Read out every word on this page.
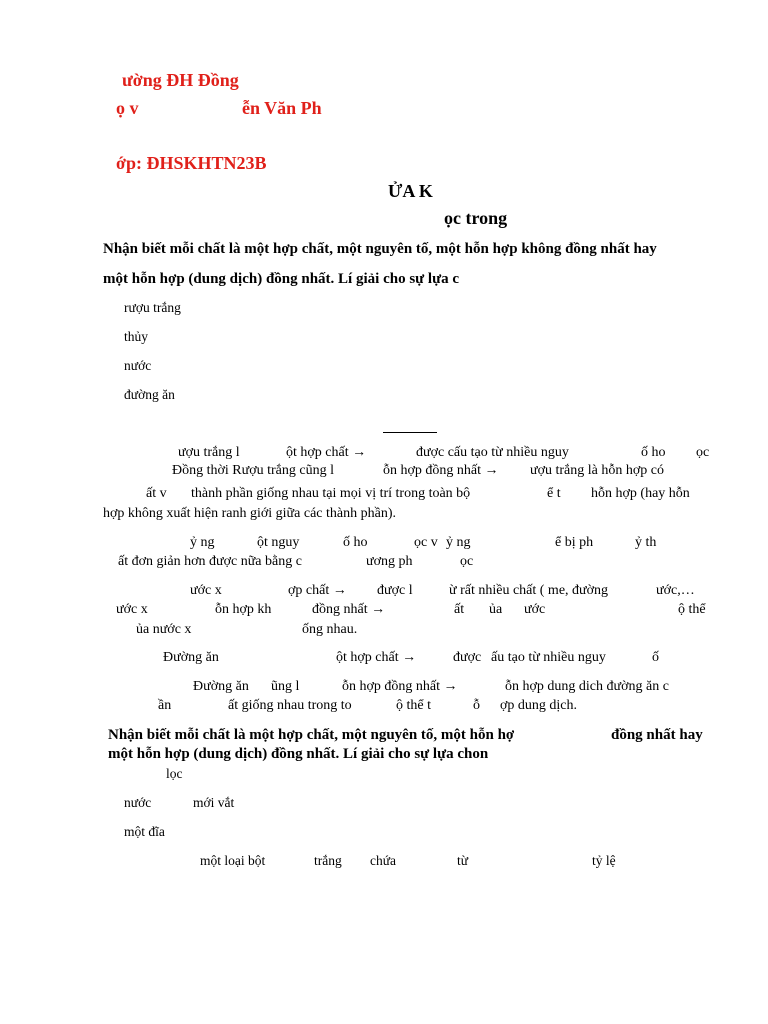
ường ĐH Đồng
ọ v	ễn Văn Ph
ớp: ĐHSKHTN23B
ỬA K
ọc trong
Nhận biết mỗi chất là một hợp chất, một nguyên tố, một hỗn hợp không đồng nhất hay
một hỗn hợp (dung dịch) đồng nhất. Lí giải cho sự lựa c
rượu trắng
thủy
nước
đường ăn
ượu trắng l	ột hợp chất →	được cấu tạo từ nhiều nguy	ố ho ọc
Đồng thời Rượu trắng cũng l	ỗn hợp đồng nhất → ượu trắng là hỗn hợp có
ất v thành phần giống nhau tại mọi vị trí trong toàn bộ	ể t hỗn hợp (hay hỗn
hợp không xuất hiện ranh giới giữa các thành phần).
ỷ ng	ột nguy	ố ho	ọc v ỷ ng	ể bị ph	ỷ th
ất đơn giản hơn được nữa bằng c	ương ph	ọc
ước x	ợp chất → được l	ừ rất nhiều chất ( me, đường	ước,…
ước x	ỗn hợp kh	đồng nhất →	ất ủa ước	ộ thể
ủa nước x	ống nhau.
Đường ăn	ột hợp chất →	được ấu tạo từ nhiều nguy	ố
Đường ăn ũng l	ỗn hợp đồng nhất →	ỗn hợp dung dich đường ăn c
ần	ất giống nhau trong to	ộ thể t	ỗ ợp dung dịch.
Nhận biết mỗi chất là một hợp chất, một nguyên tố, một hỗn hợ	đồng nhất hay
một hỗn hợp (dung dịch) đồng nhất. Lí giải cho sự lựa chon
lọc
nước	mới vắt
một đĩa
một loại bột	trắng chứa	từ	tỷ lệ
